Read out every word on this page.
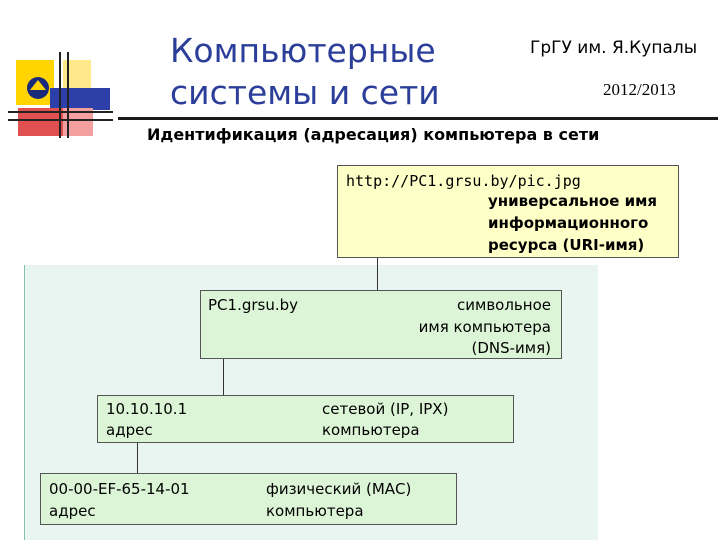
Компьютерные
системы и сети
ГрГУ им. Я.Купалы
2012/2013
Идентификация (адресация) компьютера в сети
http://PC1.grsu.by/pic.jpg
универсальное имя
информационного
ресурса (URI-имя)
PC1.grsu.by	символьное
имя компьютера
(DNS-имя)
10.10.10.1
адрес
сетевой (IP, IPX)
компьютера
00-00-EF-65-14-01
адрес
физический (МАС)
компьютера
